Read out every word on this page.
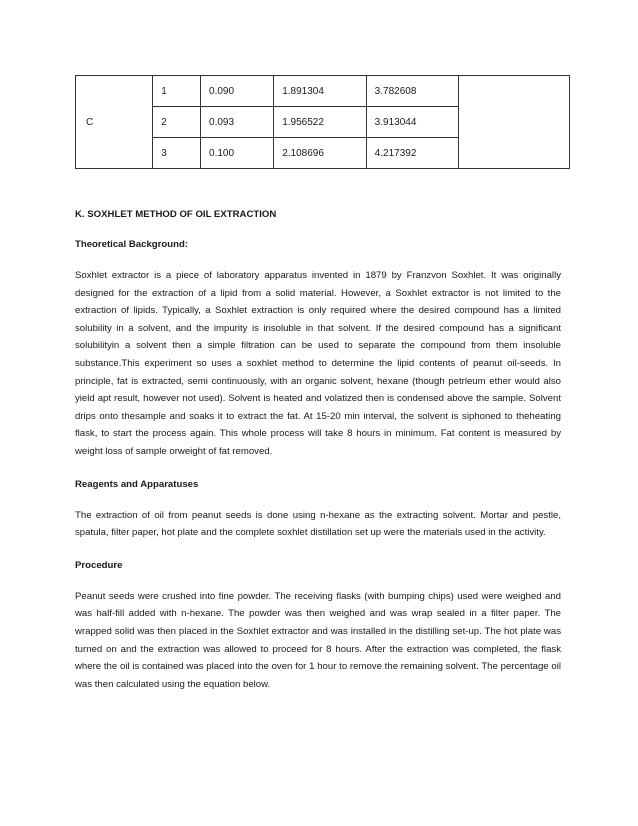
C	1	0.090	1.891304	3.782608	
	2	0.093	1.956522	3.913044	
	3	0.100	2.108696	4.217392	

K. SOXHLET METHOD OF OIL EXTRACTION

Theoretical Background:

Soxhlet extractor is a piece of laboratory apparatus invented in 1879 by Franzvon Soxhlet. It was originally designed for the extraction of a lipid from a solid material. However, a Soxhlet extractor is not limited to the extraction of lipids. Typically, a Soxhlet extraction is only required where the desired compound has a limited solubility in a solvent, and the impurity is insoluble in that solvent. If the desired compound has a significant solubilityin a solvent then a simple filtration can be used to separate the compound from them insoluble substance.This experiment so uses a soxhlet method to determine the lipid contents of peanut oil-seeds. In principle, fat is extracted, semi continuously, with an organic solvent, hexane (though petrleum ether would also yield apt result, however not used). Solvent is heated and volatized then is condensed above the sample. Solvent drips onto thesample and soaks it to extract the fat. At 15-20 min interval, the solvent is siphoned to theheating flask, to start the process again. This whole process will take 8 hours in minimum. Fat content is measured by weight loss of sample orweight of fat removed.

Reagents and Apparatuses

The extraction of oil from peanut seeds is done using n-hexane as the extracting solvent. Mortar and pestle, spatula, filter paper, hot plate and the complete soxhlet distillation set up were the materials used in the activity.

Procedure

Peanut seeds were crushed into fine powder. The receiving flasks (with bumping chips) used were weighed and was half-fill added with n-hexane. The powder was then weighed and was wrap sealed in a filter paper. The wrapped solid was then placed in the Soxhlet extractor and was installed in the distilling set-up. The hot plate was turned on and the extraction was allowed to proceed for 8 hours. After the extraction was completed, the flask where the oil is contained was placed into the oven for 1 hour to remove the remaining solvent. The percentage oil was then calculated using the equation below.
